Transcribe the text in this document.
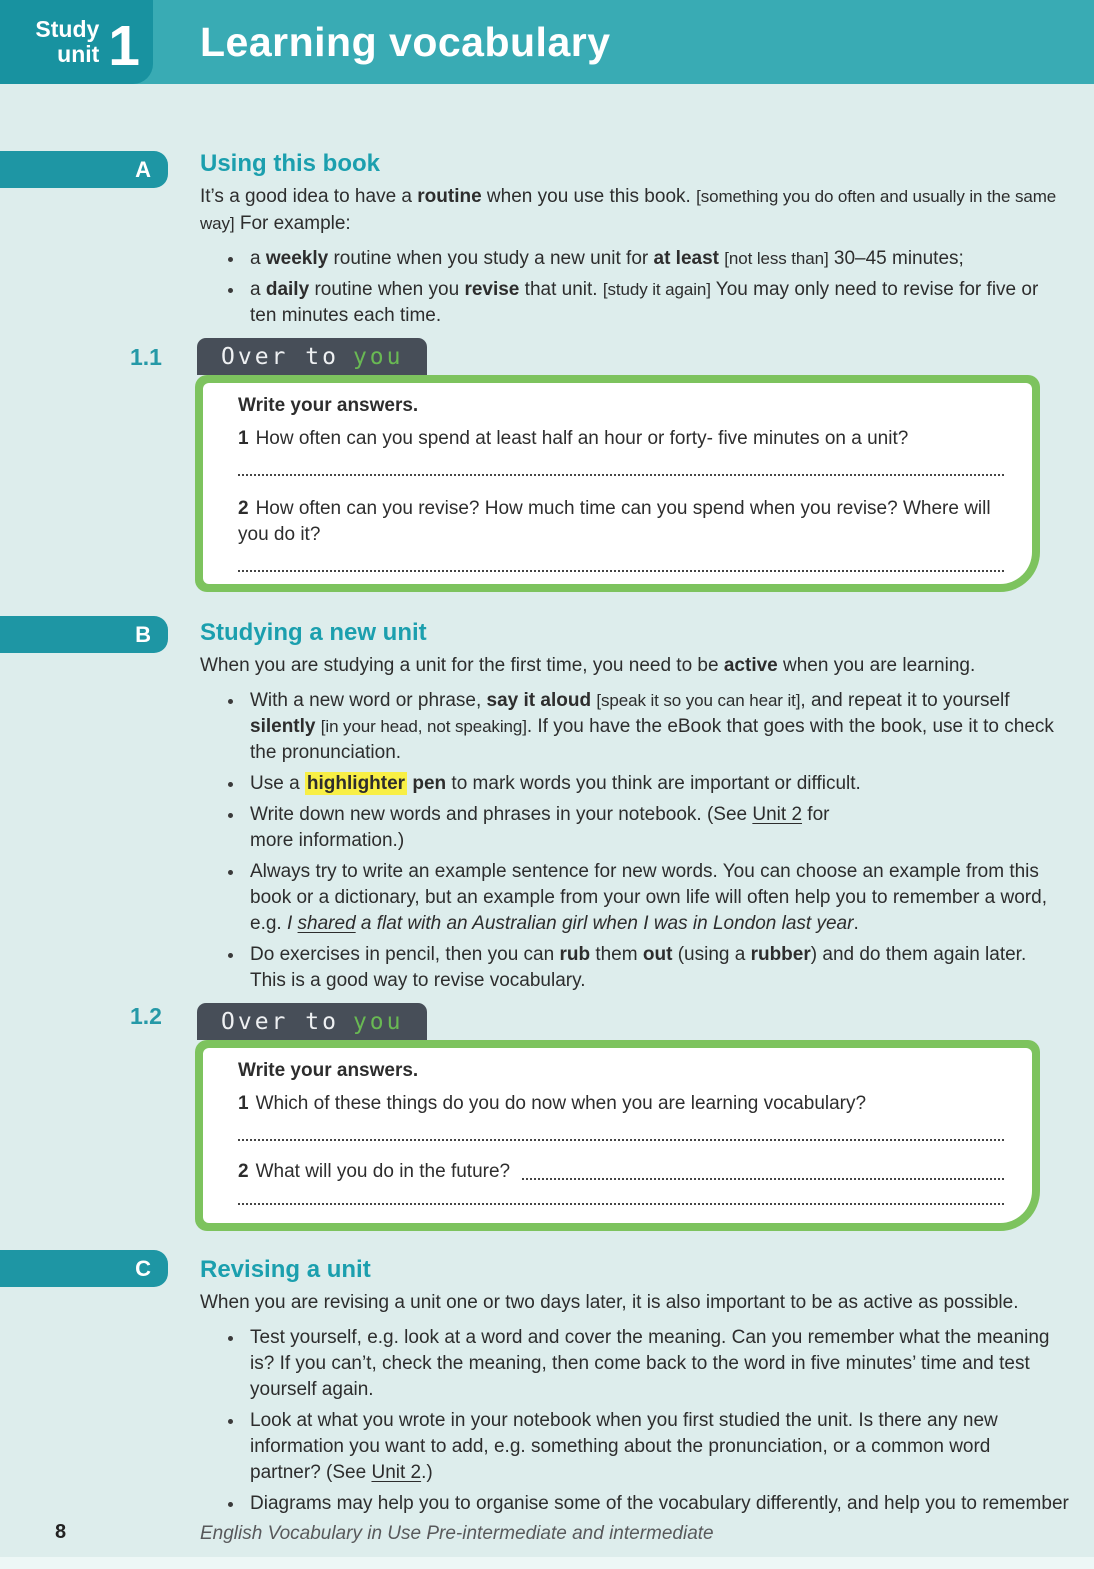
Study
unit 1 Learning vocabulary
A
B
C
1.1
1.2
Using this book

It’s a good idea to have a routine when you use this book. [something you do often and usually in the same way] For example:

a weekly routine when you study a new unit for at least [not less than] 30–45 minutes;
a daily routine when you revise that unit. [study it again] You may only need to revise for five or ten minutes each time.
Over to you

Write your answers.

1 How often can you spend at least half an hour or forty- five minutes on a unit?

2 How often can you revise? How much time can you spend when you revise? Where will you do it?

Studying a new unit

When you are studying a unit for the first time, you need to be active when you are learning.

With a new word or phrase, say it aloud [speak it so you can hear it], and repeat it to yourself silently [in your head, not speaking]. If you have the eBook that goes with the book, use it to check the pronunciation.
Use a highlighter pen to mark words you think are important or difficult.
Write down new words and phrases in your notebook. (See Unit 2 for
more information.)
Always try to write an example sentence for new words. You can choose an example from this book or a dictionary, but an example from your own life will often help you to remember a word, e.g. I shared a flat with an Australian girl when I was in London last year.
Do exercises in pencil, then you can rub them out (using a rubber) and do them again later. This is a good way to revise vocabulary.
Over to you

Write your answers.

1 Which of these things do you do now when you are learning vocabulary?

2 What will you do in the future?

Revising a unit

When you are revising a unit one or two days later, it is also important to be as active as possible.

Test yourself, e.g. look at a word and cover the meaning. Can you remember what the meaning is? If you can’t, check the meaning, then come back to the word in five minutes’ time and test yourself again.
Look at what you wrote in your notebook when you first studied the unit. Is there any new information you want to add, e.g. something about the pronunciation, or a common word partner? (See Unit 2.)
Diagrams may help you to organise some of the vocabulary differently, and help you to remember
8	English Vocabulary in Use Pre-intermediate and intermediate
